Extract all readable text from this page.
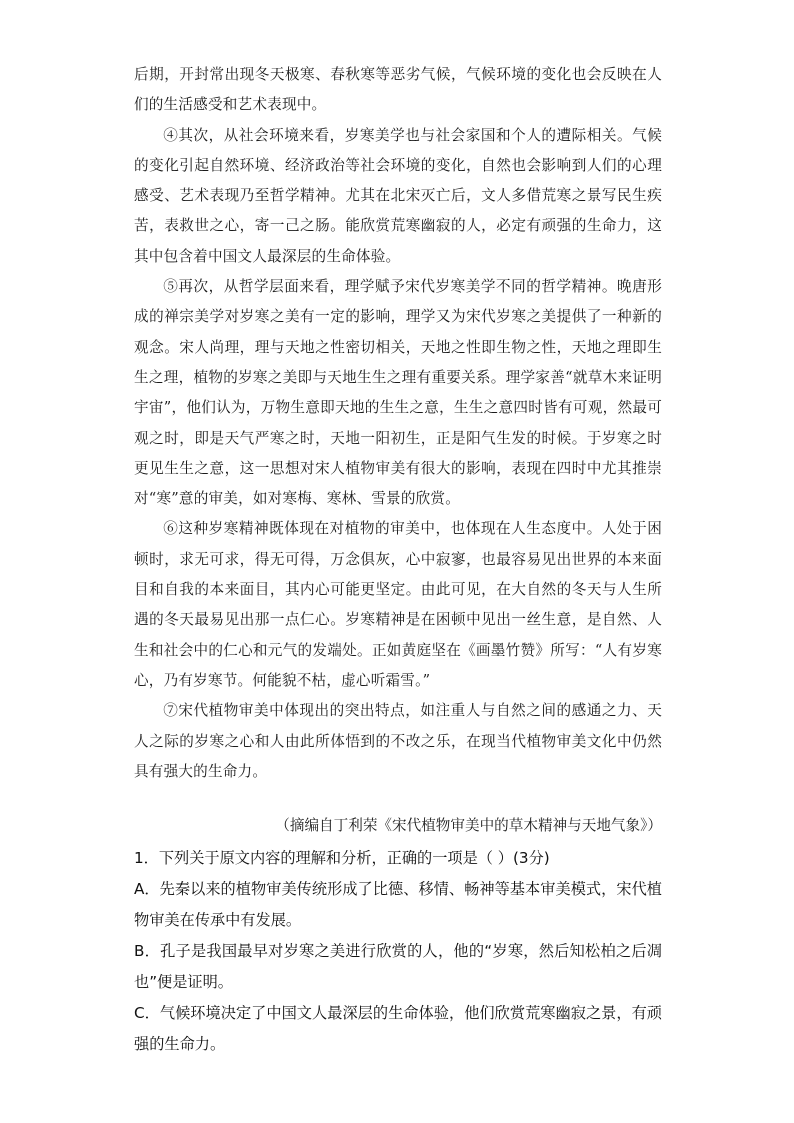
后期，开封常出现冬天极寒、春秋寒等恶劣气候，气候环境的变化也会反映在人们的生活感受和艺术表现中。

④其次，从社会环境来看，岁寒美学也与社会家国和个人的遭际相关。气候的变化引起自然环境、经济政治等社会环境的变化，自然也会影响到人们的心理感受、艺术表现乃至哲学精神。尤其在北宋灭亡后，文人多借荒寒之景写民生疾苦，表救世之心，寄一己之肠。能欣赏荒寒幽寂的人，必定有顽强的生命力，这其中包含着中国文人最深层的生命体验。

⑤再次，从哲学层面来看，理学赋予宋代岁寒美学不同的哲学精神。晚唐形成的禅宗美学对岁寒之美有一定的影响，理学又为宋代岁寒之美提供了一种新的观念。宋人尚理，理与天地之性密切相关，天地之性即生物之性，天地之理即生生之理，植物的岁寒之美即与天地生生之理有重要关系。理学家善“就草木来证明宇宙”，他们认为，万物生意即天地的生生之意，生生之意四时皆有可观，然最可观之时，即是天气严寒之时，天地一阳初生，正是阳气生发的时候。于岁寒之时更见生生之意，这一思想对宋人植物审美有很大的影响，表现在四时中尤其推崇对“寒”意的审美，如对寒梅、寒林、雪景的欣赏。

⑥这种岁寒精神既体现在对植物的审美中，也体现在人生态度中。人处于困顿时，求无可求，得无可得，万念俱灰，心中寂寥，也最容易见出世界的本来面目和自我的本来面目，其内心可能更坚定。由此可见，在大自然的冬天与人生所遇的冬天最易见出那一点仁心。岁寒精神是在困顿中见出一丝生意，是自然、人生和社会中的仁心和元气的发端处。正如黄庭坚在《画墨竹赞》所写：“人有岁寒心，乃有岁寒节。何能貌不枯，虚心听霜雪。”

⑦宋代植物审美中体现出的突出特点，如注重人与自然之间的感通之力、天人之际的岁寒之心和人由此所体悟到的不改之乐，在现当代植物审美文化中仍然具有强大的生命力。

（摘编自丁利荣《宋代植物审美中的草木精神与天地气象》）

1．下列关于原文内容的理解和分析，正确的一项是（ ）(3分)

A．先秦以来的植物审美传统形成了比德、移情、畅神等基本审美模式，宋代植物审美在传承中有发展。

B．孔子是我国最早对岁寒之美进行欣赏的人，他的“岁寒，然后知松柏之后凋也”便是证明。

C．气候环境决定了中国文人最深层的生命体验，他们欣赏荒寒幽寂之景，有顽强的生命力。
